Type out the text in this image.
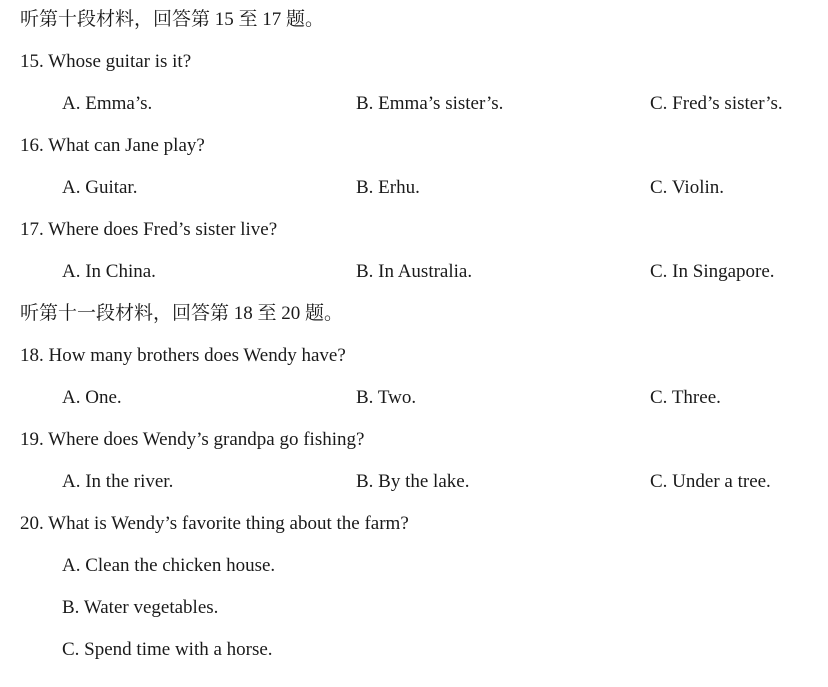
听第十段材料，回答第 15 至 17 题。
15. Whose guitar is it?
A. Emma’s.	B. Emma’s sister’s.	C. Fred’s sister’s.
16. What can Jane play?
A. Guitar.	B. Erhu.	C. Violin.
17. Where does Fred’s sister live?
A. In China.	B. In Australia.	C. In Singapore.
听第十一段材料，回答第 18 至 20 题。
18. How many brothers does Wendy have?
A. One.	B. Two.	C. Three.
19. Where does Wendy’s grandpa go fishing?
A. In the river.	B. By the lake.	C. Under a tree.
20. What is Wendy’s favorite thing about the farm?
A. Clean the chicken house.
B. Water vegetables.
C. Spend time with a horse.
